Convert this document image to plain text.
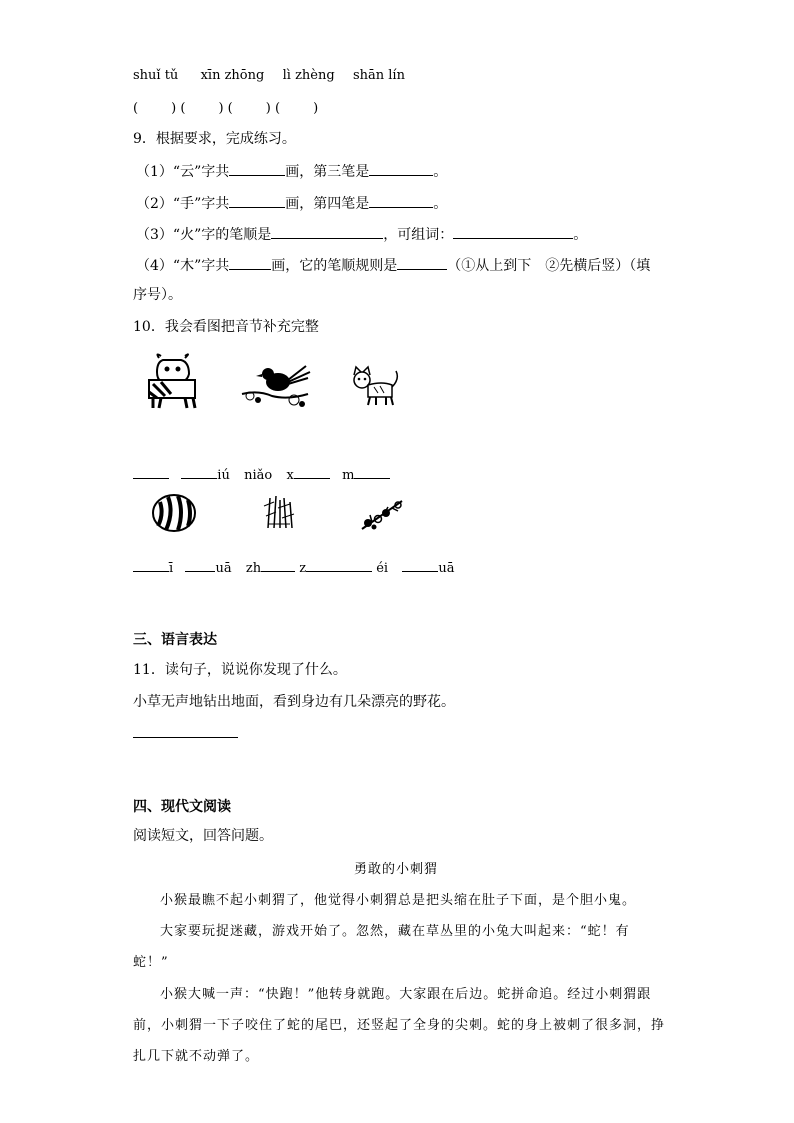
shuǐ tǔ xīn zhōng lì zhèng shān lín
(        ) (        ) (        ) (        )
9．根据要求，完成练习。
（1）“云”字共	画，第三笔是	。
（2）“手”字共	画，第四笔是	。
（3）“火”字的笔顺是	，可组词：	。
（4）“木”字共	画，它的笔顺规则是	（①从上到下　②先横后竖）（填
序号）。
10．我会看图把音节补充完整
iú niǎo x	m
ī	uā zh	z	éi	uā
三、语言表达
11．读句子，说说你发现了什么。
小草无声地钻出地面，看到身边有几朵漂亮的野花。
四、现代文阅读
阅读短文，回答问题。
勇敢的小刺猬
小猴最瞧不起小刺猬了，他觉得小刺猬总是把头缩在肚子下面，是个胆小鬼。
大家要玩捉迷藏，游戏开始了。忽然，藏在草丛里的小兔大叫起来：“蛇！有
蛇！”
小猴大喊一声：“快跑！”他转身就跑。大家跟在后边。蛇拼命追。经过小刺猬跟
前，小刺猬一下子咬住了蛇的尾巴，还竖起了全身的尖刺。蛇的身上被刺了很多洞，挣
扎几下就不动弹了。
